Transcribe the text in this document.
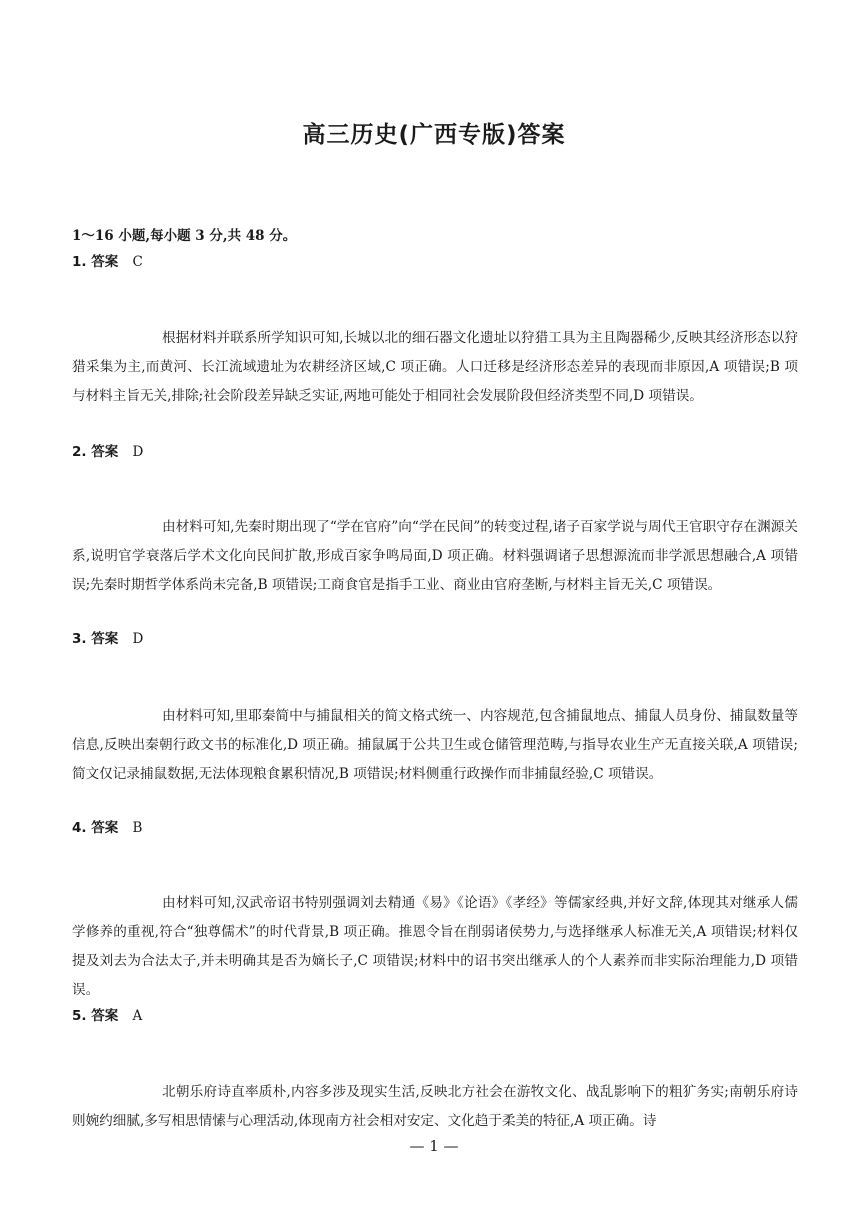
高三历史(广西专版)答案
1～16 小题,每小题 3 分,共 48 分。
1. 答案 C
根据材料并联系所学知识可知,长城以北的细石器文化遗址以狩猎工具为主且陶器稀少,反映其经济形态以狩猎采集为主,而黄河、长江流域遗址为农耕经济区域,C 项正确。人口迁移是经济形态差异的表现而非原因,A 项错误;B 项与材料主旨无关,排除;社会阶段差异缺乏实证,两地可能处于相同社会发展阶段但经济类型不同,D 项错误。
2. 答案 D
由材料可知,先秦时期出现了“学在官府”向“学在民间”的转变过程,诸子百家学说与周代王官职守存在渊源关系,说明官学衰落后学术文化向民间扩散,形成百家争鸣局面,D 项正确。材料强调诸子思想源流而非学派思想融合,A 项错误;先秦时期哲学体系尚未完备,B 项错误;工商食官是指手工业、商业由官府垄断,与材料主旨无关,C 项错误。
3. 答案 D
由材料可知,里耶秦简中与捕鼠相关的简文格式统一、内容规范,包含捕鼠地点、捕鼠人员身份、捕鼠数量等信息,反映出秦朝行政文书的标准化,D 项正确。捕鼠属于公共卫生或仓储管理范畴,与指导农业生产无直接关联,A 项错误;简文仅记录捕鼠数据,无法体现粮食累积情况,B 项错误;材料侧重行政操作而非捕鼠经验,C 项错误。
4. 答案 B
由材料可知,汉武帝诏书特别强调刘去精通《易》《论语》《孝经》等儒家经典,并好文辞,体现其对继承人儒学修养的重视,符合“独尊儒术”的时代背景,B 项正确。推恩令旨在削弱诸侯势力,与选择继承人标准无关,A 项错误;材料仅提及刘去为合法太子,并未明确其是否为嫡长子,C 项错误;材料中的诏书突出继承人的个人素养而非实际治理能力,D 项错误。
5. 答案 A
北朝乐府诗直率质朴,内容多涉及现实生活,反映北方社会在游牧文化、战乱影响下的粗犷务实;南朝乐府诗则婉约细腻,多写相思情愫与心理活动,体现南方社会相对安定、文化趋于柔美的特征,A 项正确。诗
— 1 —
